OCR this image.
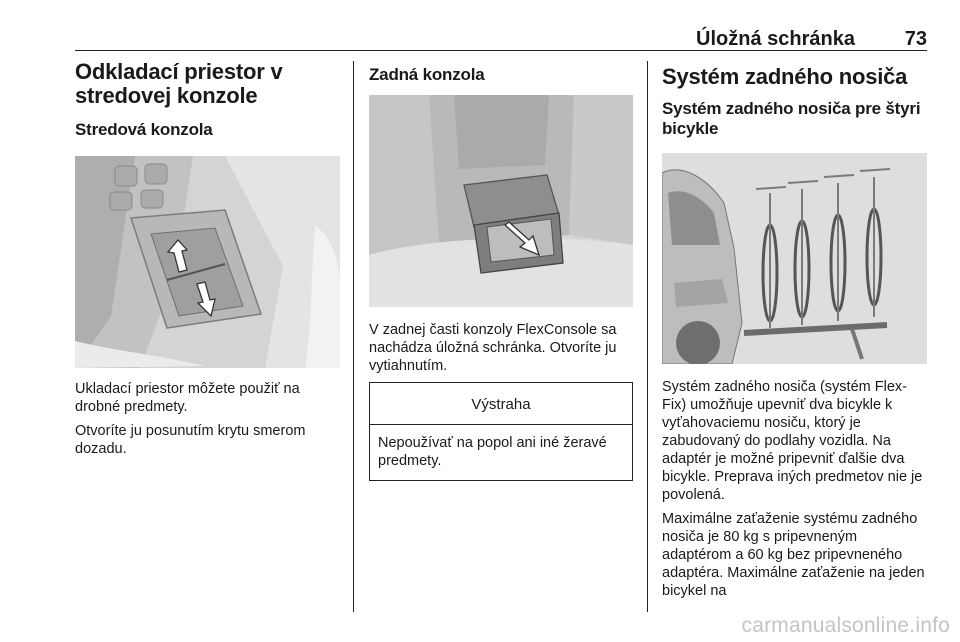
Úložná schránka 73
Odkladací priestor v stredovej konzole
Stredová konzola

Ukladací priestor môžete použiť na drobné predmety.

Otvoríte ju posunutím krytu smerom dozadu.

Zadná konzola

V zadnej časti konzoly FlexConsole sa nachádza úložná schránka. Otvoríte ju vytiahnutím.

Výstraha
Nepoužívať na popol ani iné žeravé predmety.
Systém zadného nosiča
Systém zadného nosiča pre štyri bicykle

Systém zadného nosiča (systém Flex-Fix) umožňuje upevniť dva bicykle k vyťahovaciemu nosiču, ktorý je zabudovaný do podlahy vozidla. Na adaptér je možné pripevniť ďalšie dva bicykle. Preprava iných predmetov nie je povolená.

Maximálne zaťaženie systému zadného nosiča je 80 kg s pripevneným adaptérom a 60 kg bez pripevneného adaptéra. Maximálne zaťaženie na jeden bicykel na

carmanualsonline.info
